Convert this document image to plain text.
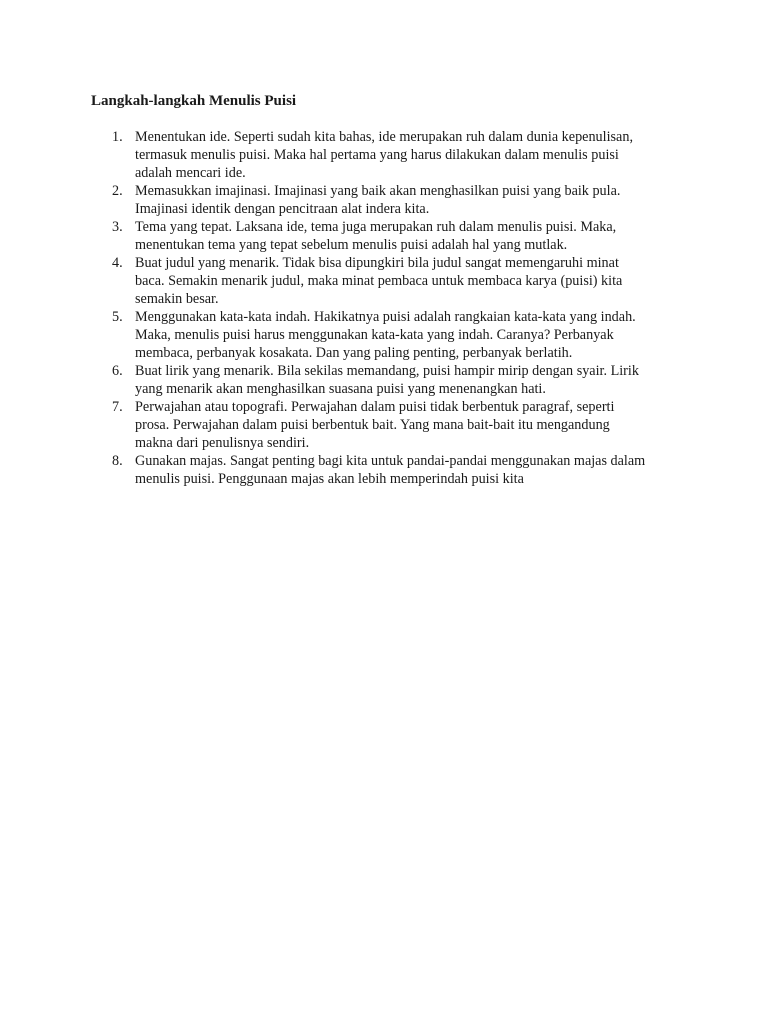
Langkah-langkah Menulis Puisi
1. Menentukan ide. Seperti sudah kita bahas, ide merupakan ruh dalam dunia kepenulisan,
termasuk menulis puisi. Maka hal pertama yang harus dilakukan dalam menulis puisi
adalah mencari ide.
2. Memasukkan imajinasi. Imajinasi yang baik akan menghasilkan puisi yang baik pula.
Imajinasi identik dengan pencitraan alat indera kita.
3. Tema yang tepat. Laksana ide, tema juga merupakan ruh dalam menulis puisi. Maka,
menentukan tema yang tepat sebelum menulis puisi adalah hal yang mutlak.
4. Buat judul yang menarik. Tidak bisa dipungkiri bila judul sangat memengaruhi minat
baca. Semakin menarik judul, maka minat pembaca untuk membaca karya (puisi) kita
semakin besar.
5. Menggunakan kata-kata indah. Hakikatnya puisi adalah rangkaian kata-kata yang indah.
Maka, menulis puisi harus menggunakan kata-kata yang indah. Caranya? Perbanyak
membaca, perbanyak kosakata. Dan yang paling penting, perbanyak berlatih.
6. Buat lirik yang menarik. Bila sekilas memandang, puisi hampir mirip dengan syair. Lirik
yang menarik akan menghasilkan suasana puisi yang menenangkan hati.
7. Perwajahan atau topografi. Perwajahan dalam puisi tidak berbentuk paragraf, seperti
prosa. Perwajahan dalam puisi berbentuk bait. Yang mana bait-bait itu mengandung
makna dari penulisnya sendiri.
8. Gunakan majas. Sangat penting bagi kita untuk pandai-pandai menggunakan majas dalam
menulis puisi. Penggunaan majas akan lebih memperindah puisi kita
